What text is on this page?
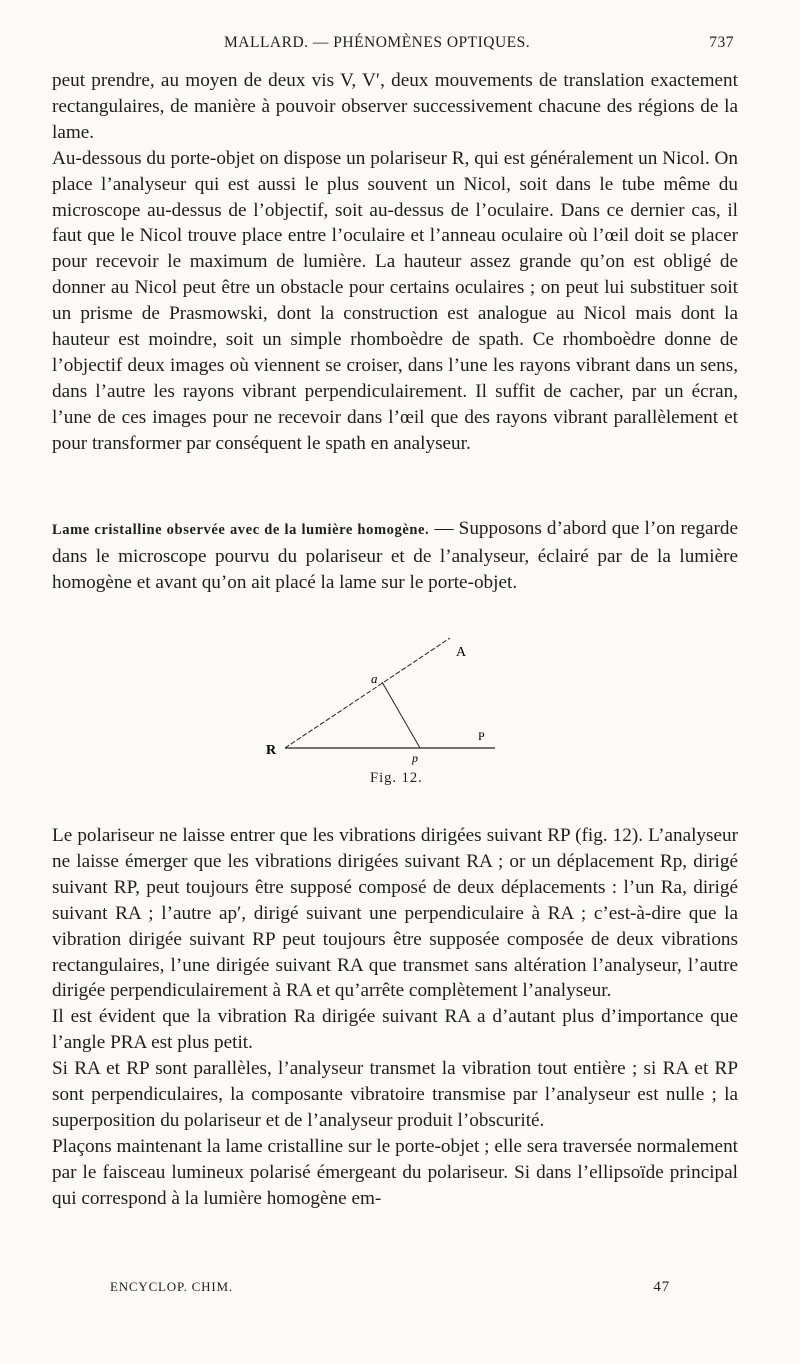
MALLARD. — PHÉNOMÈNES OPTIQUES.	737

peut prendre, au moyen de deux vis V, V′, deux mouvements de translation exactement rectangulaires, de manière à pouvoir observer successivement chacune des régions de la lame.

Au-dessous du porte-objet on dispose un polariseur R, qui est généralement un Nicol. On place l’analyseur qui est aussi le plus souvent un Nicol, soit dans le tube même du microscope au-dessus de l’objectif, soit au-dessus de l’oculaire. Dans ce dernier cas, il faut que le Nicol trouve place entre l’oculaire et l’anneau oculaire où l’œil doit se placer pour recevoir le maximum de lumière. La hauteur assez grande qu’on est obligé de donner au Nicol peut être un obstacle pour certains oculaires ; on peut lui substituer soit un prisme de Prasmowski, dont la construction est analogue au Nicol mais dont la hauteur est moindre, soit un simple rhomboèdre de spath. Ce rhomboèdre donne de l’objectif deux images où viennent se croiser, dans l’une les rayons vibrant dans un sens, dans l’autre les rayons vibrant perpendiculairement. Il suffit de cacher, par un écran, l’une de ces images pour ne recevoir dans l’œil que des rayons vibrant parallèlement et pour transformer par conséquent le spath en analyseur.

Lame cristalline observée avec de la lumière homogène. — Supposons d’abord que l’on regarde dans le microscope pourvu du polariseur et de l’analyseur, éclairé par de la lumière homogène et avant qu’on ait placé la lame sur le porte-objet.

A
a
R
P
p
Fig. 12.

Le polariseur ne laisse entrer que les vibrations dirigées suivant RP (fig. 12). L’analyseur ne laisse émerger que les vibrations dirigées suivant RA ; or un déplacement Rp, dirigé suivant RP, peut toujours être supposé composé de deux déplacements : l’un Ra, dirigé suivant RA ; l’autre ap′, dirigé suivant une perpendiculaire à RA ; c’est-à-dire que la vibration dirigée suivant RP peut toujours être supposée composée de deux vibrations rectangulaires, l’une dirigée suivant RA que transmet sans altération l’analyseur, l’autre dirigée perpendiculairement à RA et qu’arrête complètement l’analyseur.

Il est évident que la vibration Ra dirigée suivant RA a d’autant plus d’importance que l’angle PRA est plus petit.

Si RA et RP sont parallèles, l’analyseur transmet la vibration tout entière ; si RA et RP sont perpendiculaires, la composante vibratoire transmise par l’analyseur est nulle ; la superposition du polariseur et de l’analyseur produit l’obscurité.

Plaçons maintenant la lame cristalline sur le porte-objet ; elle sera traversée normalement par le faisceau lumineux polarisé émergeant du polariseur. Si dans l’ellipsoïde principal qui correspond à la lumière homogène em-

ENCYCLOP. CHIM.	47
